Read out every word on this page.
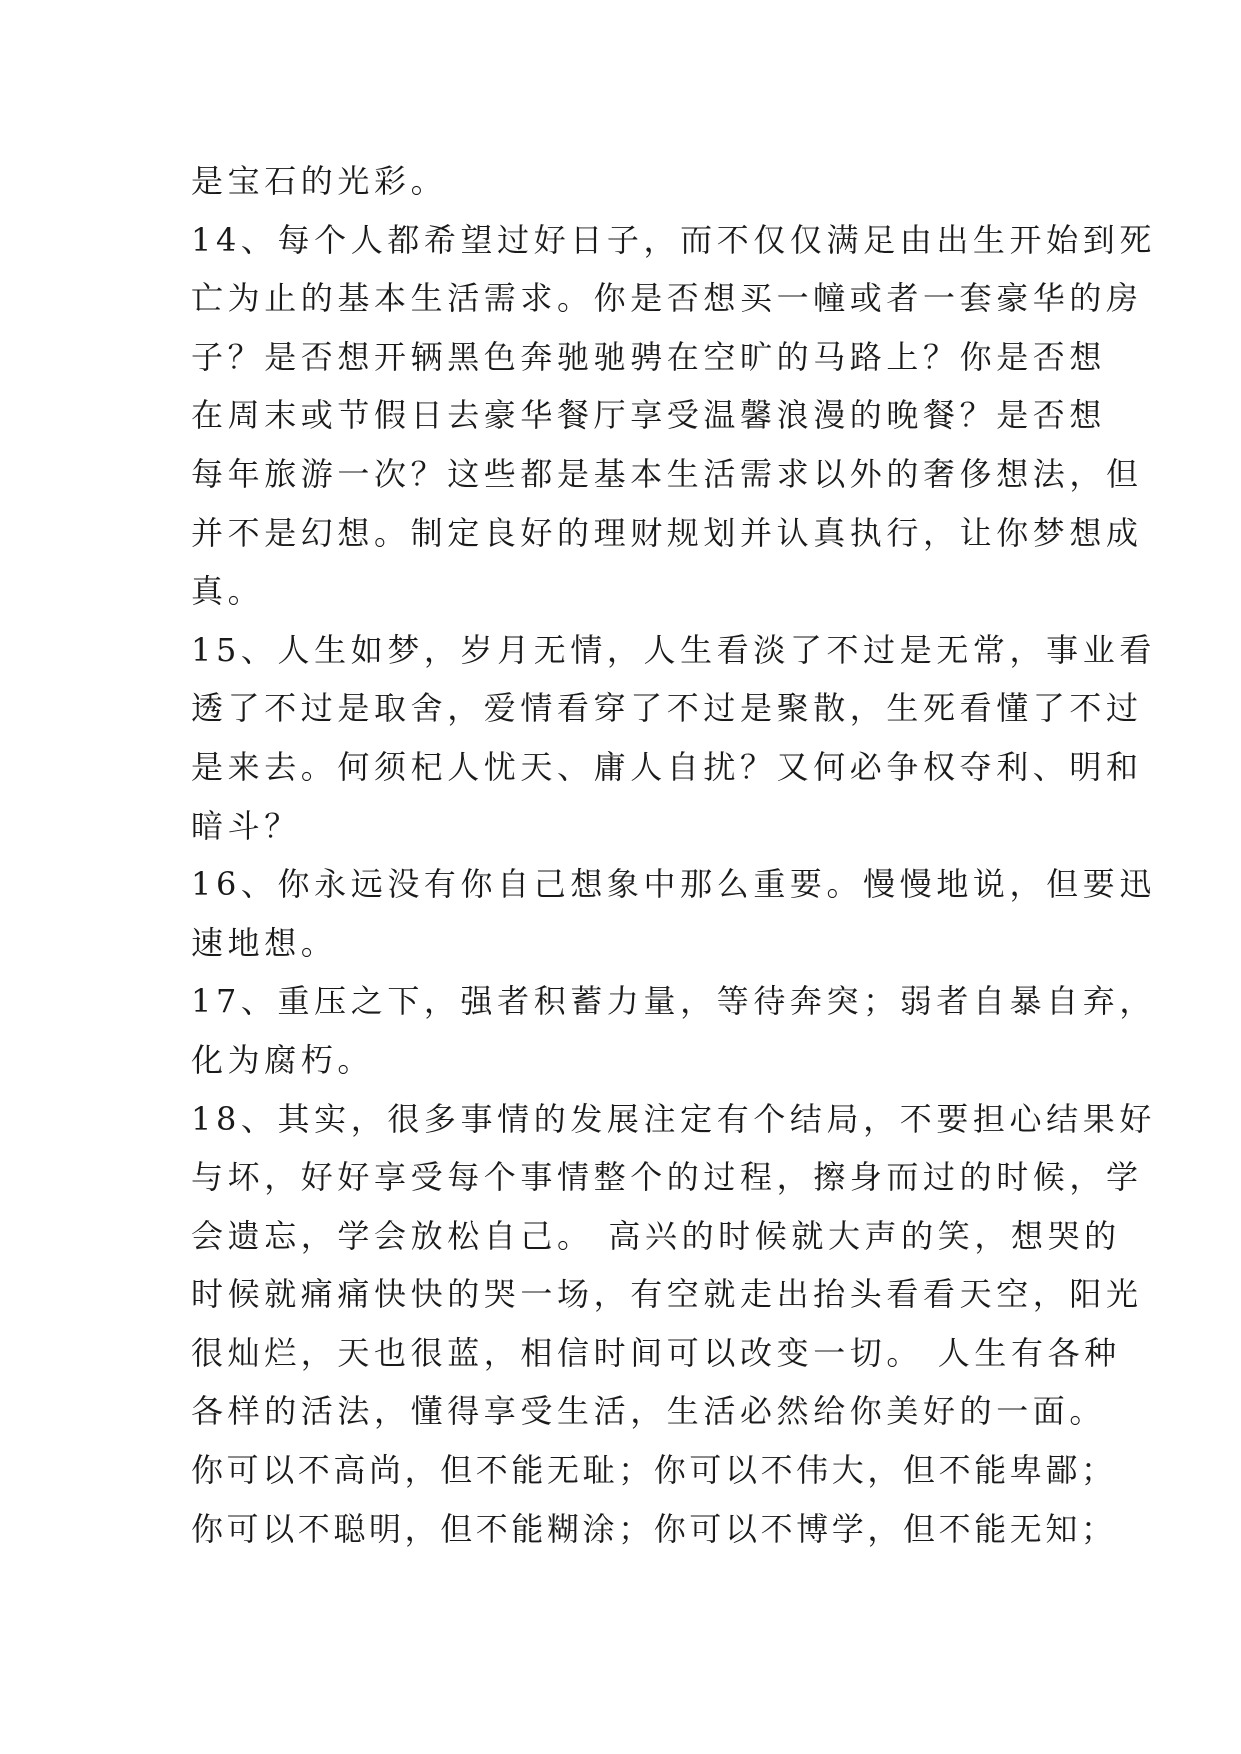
是宝石的光彩。
14、每个人都希望过好日子，而不仅仅满足由出生开始到死
亡为止的基本生活需求。你是否想买一幢或者一套豪华的房
子？是否想开辆黑色奔驰驰骋在空旷的马路上？你是否想
在周末或节假日去豪华餐厅享受温馨浪漫的晚餐？是否想
每年旅游一次？这些都是基本生活需求以外的奢侈想法，但
并不是幻想。制定良好的理财规划并认真执行，让你梦想成
真。
15、人生如梦，岁月无情，人生看淡了不过是无常，事业看
透了不过是取舍，爱情看穿了不过是聚散，生死看懂了不过
是来去。何须杞人忧天、庸人自扰？又何必争权夺利、明和
暗斗？
16、你永远没有你自己想象中那么重要。慢慢地说，但要迅
速地想。
17、重压之下，强者积蓄力量，等待奔突；弱者自暴自弃，
化为腐朽。
18、其实，很多事情的发展注定有个结局，不要担心结果好
与坏，好好享受每个事情整个的过程，擦身而过的时候，学
会遗忘，学会放松自己。 高兴的时候就大声的笑，想哭的
时候就痛痛快快的哭一场，有空就走出抬头看看天空，阳光
很灿烂，天也很蓝，相信时间可以改变一切。 人生有各种
各样的活法，懂得享受生活，生活必然给你美好的一面。
你可以不高尚，但不能无耻；你可以不伟大，但不能卑鄙；
你可以不聪明，但不能糊涂；你可以不博学，但不能无知；
